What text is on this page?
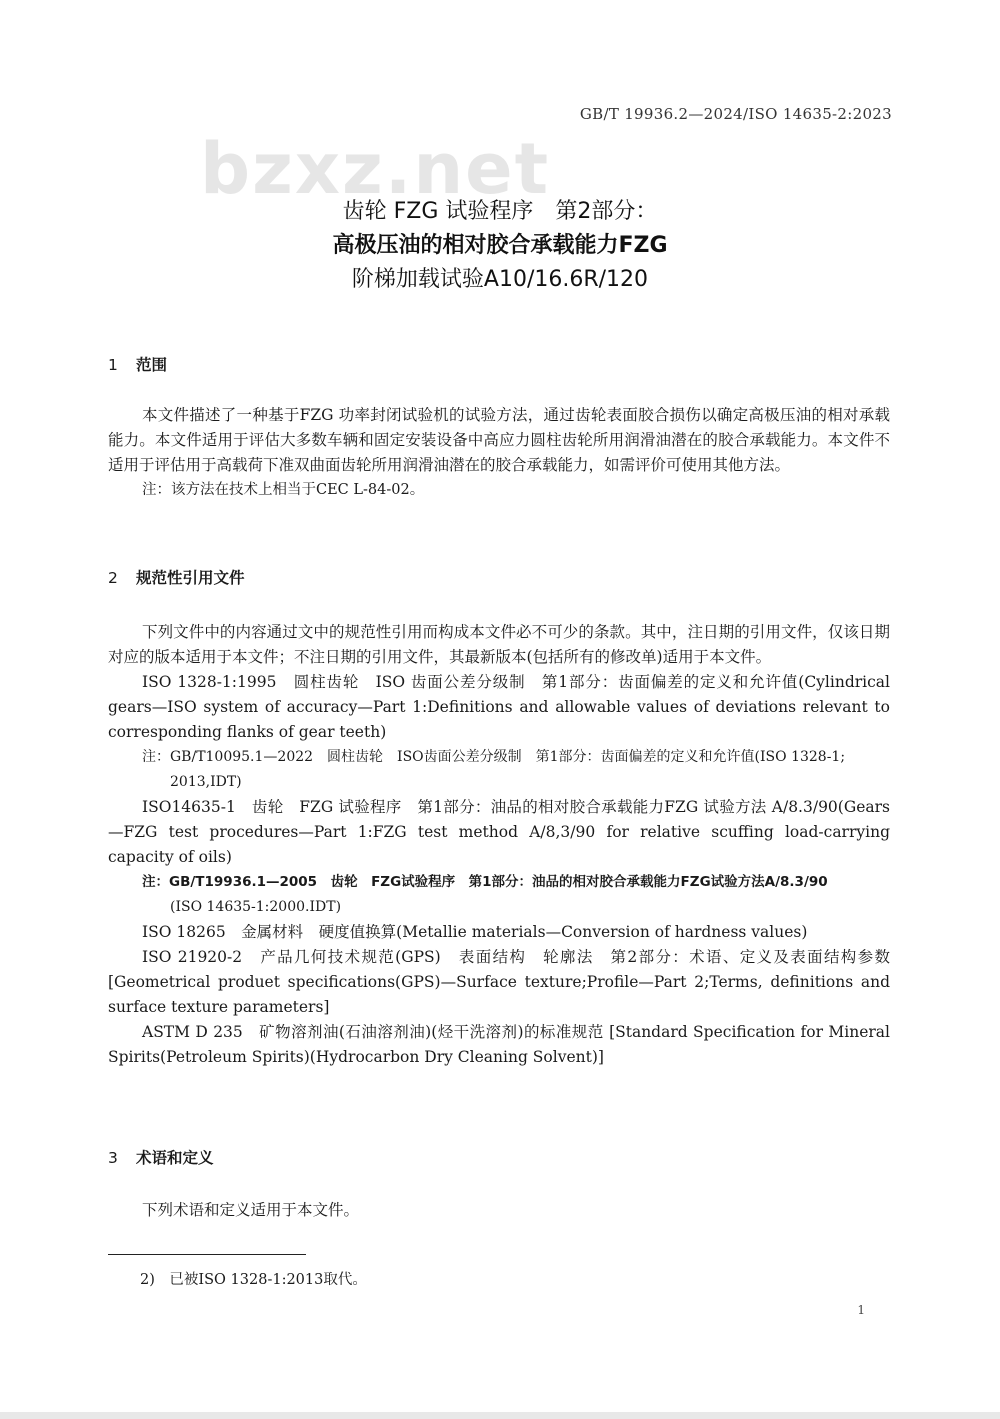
GB/T 19936.2—2024/ISO 14635-2:2023
bzxz.net
齿轮 FZG 试验程序　第2部分：
高极压油的相对胶合承载能力FZG
阶梯加载试验A10/16.6R/120
1 范围

本文件描述了一种基于FZG 功率封闭试验机的试验方法，通过齿轮表面胶合损伤以确定高极压油的相对承载能力。本文件适用于评估大多数车辆和固定安装设备中高应力圆柱齿轮所用润滑油潜在的胶合承载能力。本文件不适用于评估用于高载荷下准双曲面齿轮所用润滑油潜在的胶合承载能力，如需评价可使用其他方法。

注：该方法在技术上相当于CEC L-84-02。

2 规范性引用文件

下列文件中的内容通过文中的规范性引用而构成本文件必不可少的条款。其中，注日期的引用文件，仅该日期对应的版本适用于本文件；不注日期的引用文件，其最新版本(包括所有的修改单)适用于本文件。

ISO 1328-1:1995　圆柱齿轮　ISO 齿面公差分级制　第1部分：齿面偏差的定义和允许值(Cylindrical gears—ISO system of accuracy—Part 1:Definitions and allowable values of deviations relevant to corresponding flanks of gear teeth)

注：GB/T10095.1—2022　圆柱齿轮　ISO齿面公差分级制　第1部分：齿面偏差的定义和允许值(ISO 1328-1;
2013,IDT)

ISO14635-1　齿轮　FZG 试验程序　第1部分：油品的相对胶合承载能力FZG 试验方法 A/8.3/90(Gears—FZG test procedures—Part 1:FZG test method A/8,3/90 for relative scuffing load-carrying capacity of oils)

注：GB/T19936.1—2005　齿轮　FZG试验程序　第1部分：油品的相对胶合承载能力FZG试验方法A/8.3/90
(ISO 14635-1:2000.IDT)

ISO 18265　金属材料　硬度值换算(Metallie materials—Conversion of hardness values)

ISO 21920-2　产品几何技术规范(GPS)　表面结构　轮廓法　第2部分：术语、定义及表面结构参数 [Geometrical produet specifications(GPS)—Surface texture;Profile—Part 2;Terms, definitions and surface texture parameters]

ASTM D 235　矿物溶剂油(石油溶剂油)(烃干洗溶剂)的标准规范 [Standard Specification for Mineral Spirits(Petroleum Spirits)(Hydrocarbon Dry Cleaning Solvent)]

3 术语和定义

下列术语和定义适用于本文件。

2)　已被ISO 1328-1:2013取代。
1
